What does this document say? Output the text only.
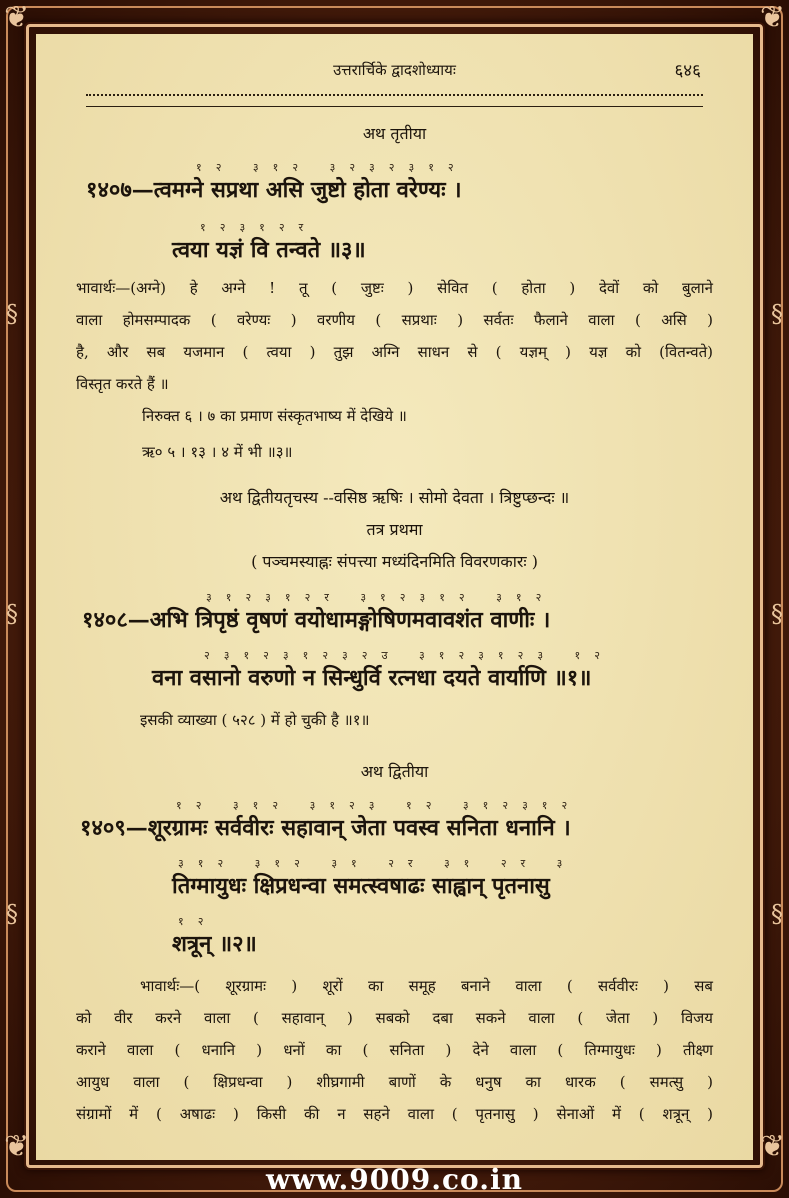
❦	❦
❦	❦
§	§
§	§
§	§
उत्तरार्चिके द्वादशोध्यायः	६४६
अथ तृतीया
१२ ३१२ ३२३२३१२
१४०७—त्वमग्ने सप्रथा असि जुष्टो होता वरेण्यः ।
१२३१२र
त्वया यज्ञं वि तन्वते ॥३॥
भावार्थः—(अग्ने) हे अग्ने ! तू ( जुष्टः ) सेवित ( होता ) देवों को बुलाने
वाला होमसम्पादक ( वरेण्यः ) वरणीय ( सप्रथाः ) सर्वतः फैलाने वाला ( असि )
है, और सब यजमान ( त्वया ) तुझ अग्नि साधन से ( यज्ञम् ) यज्ञ को (वितन्वते)
विस्तृत करते हैं ॥
निरुक्त ६ । ७ का प्रमाण संस्कृतभाष्य में देखिये ॥
ऋ० ५ । १३ । ४ में भी ॥३॥
अथ द्वितीयतृचस्य --वसिष्ठ ऋषिः । सोमो देवता । त्रिष्टुप्छन्दः ॥
तत्र प्रथमा
( पञ्चमस्याह्नः संपत्त्या मध्यंदिनमिति विवरणकारः )
३१२३१२र ३१२३१२ ३१२
१४०८—अभि त्रिपृष्ठं वृषणं वयोधामङ्गोषिणमवावशंत वाणीः ।
२३१२३१२३२उ ३१२३१२३ १२
वना वसानो वरुणो न सिन्धुर्वि रत्नधा दयते वार्याणि ॥१॥
इसकी व्याख्या ( ५२८ ) में हो चुकी है ॥१॥
अथ द्वितीया
१२ ३१२ ३१२३ १२ ३१२३१२
१४०९—शूरग्रामः सर्ववीरः सहावान् जेता पवस्व सनिता धनानि ।
३१२ ३१२ ३१ २र ३१ २र ३
तिग्मायुधः क्षिप्रधन्वा समत्स्वषाढः साह्वान् पृतनासु
१२
शत्रून् ॥२॥
भावार्थः—( शूरग्रामः ) शूरों का समूह बनाने वाला ( सर्ववीरः ) सब
को वीर करने वाला ( सहावान् ) सबको दबा सकने वाला ( जेता ) विजय
कराने वाला ( धनानि ) धनों का ( सनिता ) देने वाला ( तिग्मायुधः ) तीक्ष्ण
आयुध वाला ( क्षिप्रधन्वा ) शीघ्रगामी बाणों के धनुष का धारक ( समत्सु )
संग्रामों में ( अषाढः ) किसी की न सहने वाला ( पृतनासु ) सेनाओं में ( शत्रून् )
www.9009.co.in
